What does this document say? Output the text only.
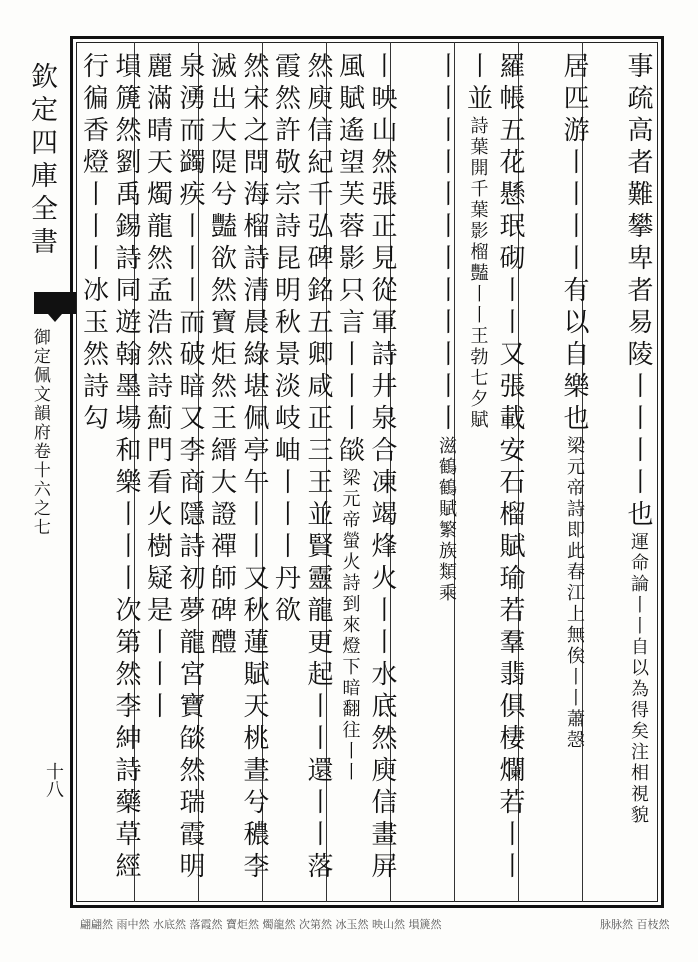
欽定四庫全書
御定佩文韻府卷十六之七
十八
事疏高者難攀卑者易陵丨丨丨丨也運命論丨丨自以為得矣注相視貌
居匹游丨丨丨丨有以自樂也梁元帝詩即此春江上無俟丨丨蕭愨
羅帳五花懸珉砌丨丨又張載安石榴賦瑜若羣翡俱棲爛若丨丨丨並詩葉開千葉影榴豔丨丨王勃七夕賦
丨丨丨丨丨丨丨丨丨丨丨丨滋鶴鶴賦繁族類乘
丨映山然張正見從軍詩井泉合凍竭烽火丨丨水底然庾信畫屏風賦遙望芙蓉影只言丨丨丨燄梁元帝螢火詩到來燈下暗翻往丨丨
然庾信紀千弘碑銘五卿咸正三王並賢靈龍更起丨丨還丨丨落霞然許敬宗詩昆明秋景淡岐岫丨丨丨丹欲
然宋之問海榴詩清晨綠堪佩亭午丨丨又秋蓮賦天桃晝兮穠李滅出大隄兮豔欲然寶炬然王縉大證禪師碑醴
泉湧而蠲疾丨丨丨而破暗又李商隱詩初夢龍宮寶燄然瑞霞明麗滿晴天燭龍然孟浩然詩薊門看火樹疑是丨丨丨
塤篪然劉禹錫詩同遊翰墨場和樂丨丨丨次第然李紳詩藥草經行徧香燈丨丨丨冰玉然詩勾
脉脉然 百枝然
翩翩然 雨中然 水底然 落霞然 寶炬然 燭龍然 次第然 冰玉然 映山然 塤篪然
